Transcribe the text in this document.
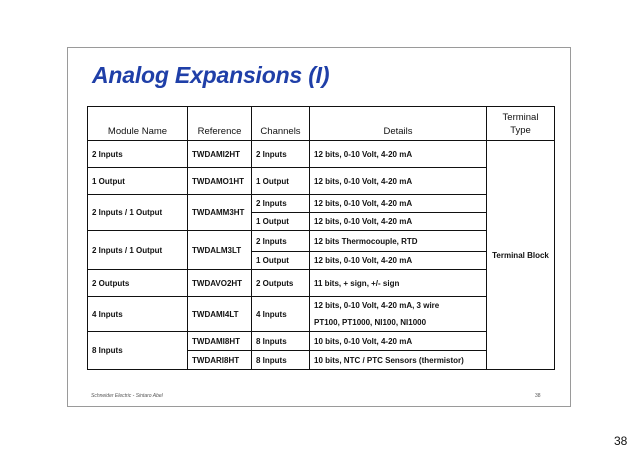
Analog Expansions (I)
Module Name	Reference	Channels	Details	Terminal
Type
2 Inputs	TWDAMI2HT	2 Inputs	12 bits, 0-10 Volt, 4-20 mA	Terminal Block
1 Output	TWDAMO1HT	1 Output	12 bits, 0-10 Volt, 4-20 mA	
2 Inputs / 1 Output	TWDAMM3HT	2 Inputs	12 bits, 0-10 Volt, 4-20 mA	
		1 Output	12 bits, 0-10 Volt, 4-20 mA	
2 Inputs / 1 Output	TWDALM3LT	2 Inputs	12 bits Thermocouple, RTD	
		1 Output	12 bits, 0-10 Volt, 4-20 mA	
2 Outputs	TWDAVO2HT	2 Outputs	11 bits, + sign, +/- sign	
4 Inputs	TWDAMI4LT	4 Inputs	12 bits, 0-10 Volt, 4-20 mA, 3 wire	
			PT100, PT1000, NI100, NI1000	
8 Inputs	TWDAMI8HT	8 Inputs	10 bits, 0-10 Volt, 4-20 mA	
	TWDARI8HT	8 Inputs	10 bits, NTC / PTC Sensors (thermistor)	
Schneider Electric - Sintaro Abel	38
38
